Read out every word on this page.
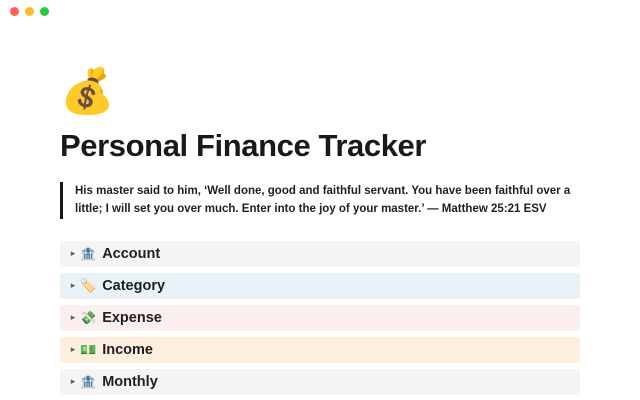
💰
Personal Finance Tracker

His master said to him, ‘Well done, good and faithful servant. You have been faithful over a little; I will set you over much. Enter into the joy of your master.’ — Matthew 25:21 ESV

▸ 🏦 Account
▸ 🏷️ Category
▸ 💸 Expense
▸ 💵 Income
▸ 🏦 Monthly
